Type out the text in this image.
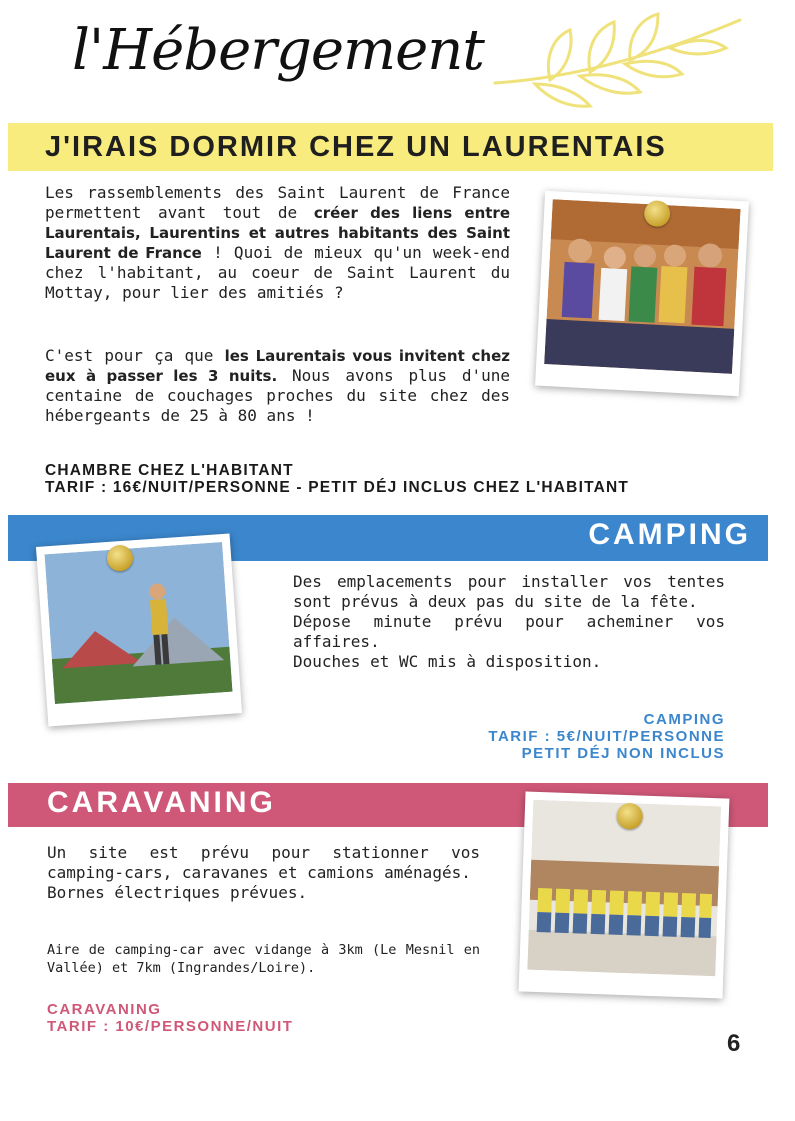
l'Hébergement
J'IRAIS DORMIR CHEZ UN LAURENTAIS
Les rassemblements des Saint Laurent de France permettent avant tout de créer des liens entre Laurentais, Laurentins et autres habitants des Saint Laurent de France ! Quoi de mieux qu'un week-end chez l'habitant, au coeur de Saint Laurent du Mottay, pour lier des amitiés ?
C'est pour ça que les Laurentais vous invitent chez eux à passer les 3 nuits. Nous avons plus d'une centaine de couchages proches du site chez des hébergeants de 25 à 80 ans !
CHAMBRE CHEZ L'HABITANT
TARIF : 16€/NUIT/PERSONNE - PETIT DÉJ INCLUS CHEZ L'HABITANT
CAMPING
Des emplacements pour installer vos tentes sont prévus à deux pas du site de la fête.
Dépose minute prévu pour acheminer vos affaires.
Douches et WC mis à disposition.
CAMPING
TARIF : 5€/NUIT/PERSONNE
PETIT DÉJ NON INCLUS
CARAVANING
Un site est prévu pour stationner vos camping-cars, caravanes et camions aménagés.
Bornes électriques prévues.
Aire de camping-car avec vidange à 3km (Le Mesnil en Vallée) et 7km (Ingrandes/Loire).
CARAVANING
TARIF : 10€/PERSONNE/NUIT
6
